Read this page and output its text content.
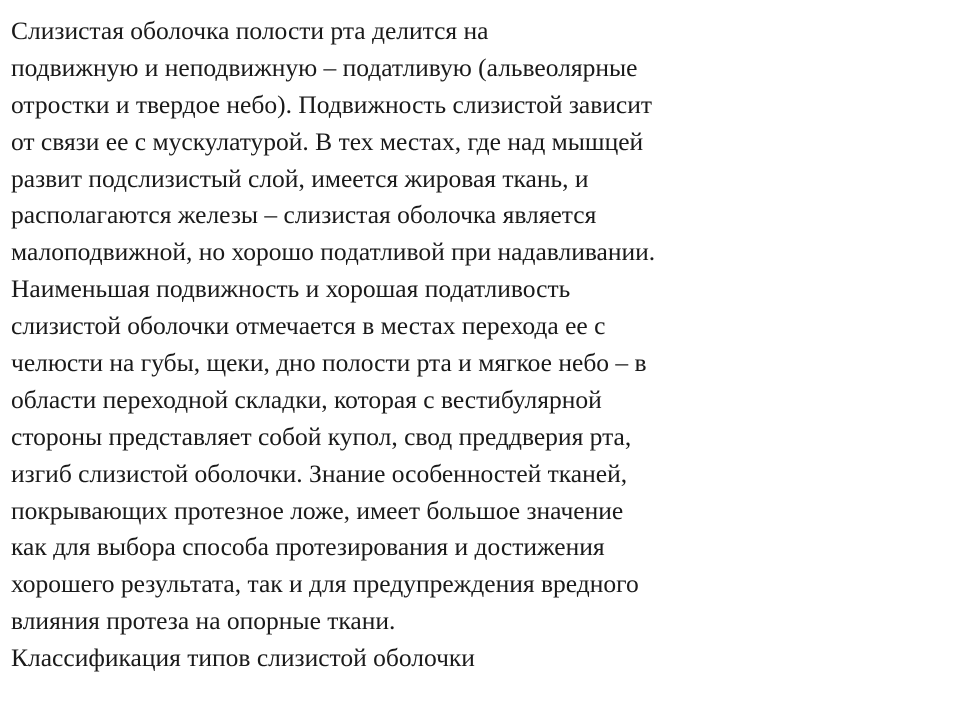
Слизистая оболочка полости рта делится на
подвижную и неподвижную – податливую (альвеолярные
отростки и твердое небо). Подвижность слизистой зависит
от связи ее с мускулатурой. В тех местах, где над мышцей
развит подслизистый слой, имеется жировая ткань, и
располагаются железы – слизистая оболочка является
малоподвижной, но хорошо податливой при надавливании.
Наименьшая подвижность и хорошая податливость
слизистой оболочки отмечается в местах перехода ее с
челюсти на губы, щеки, дно полости рта и мягкое небо – в
области переходной складки, которая с вестибулярной
стороны представляет собой купол, свод преддверия рта,
изгиб слизистой оболочки. Знание особенностей тканей,
покрывающих протезное ложе, имеет большое значение
как для выбора способа протезирования и достижения
хорошего результата, так и для предупреждения вредного
влияния протеза на опорные ткани.
Классификация типов слизистой оболочки
